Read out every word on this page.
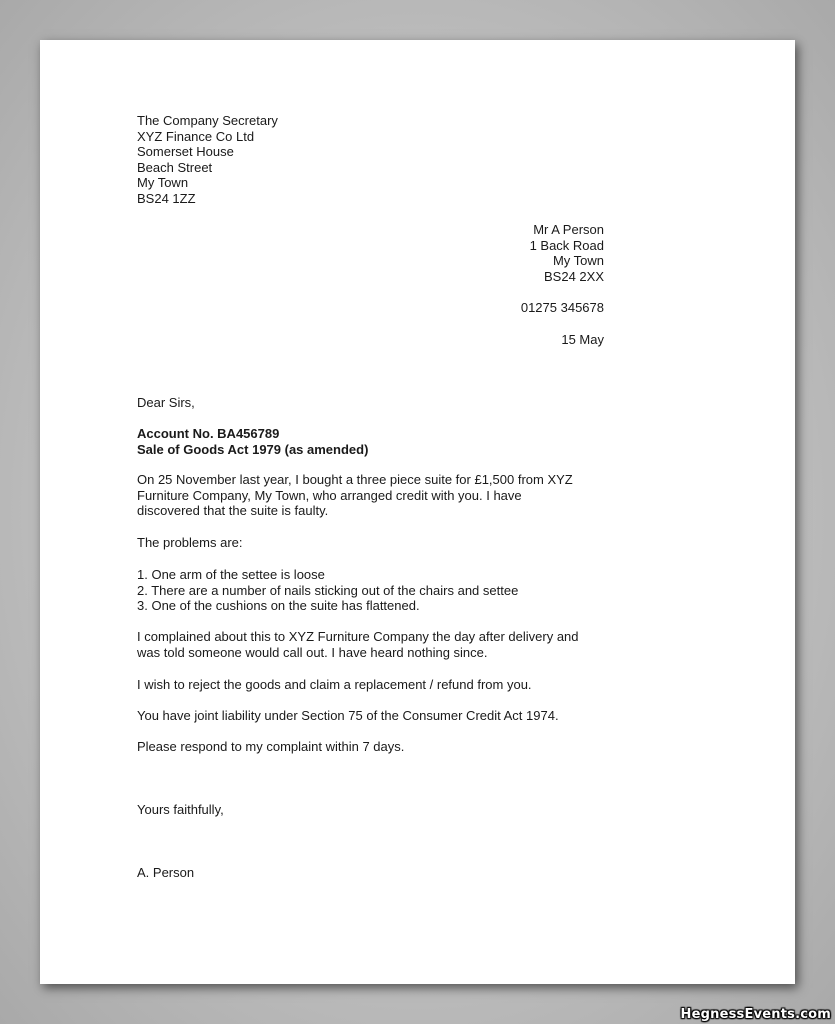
The Company Secretary
XYZ Finance Co Ltd
Somerset House
Beach Street
My Town
BS24 1ZZ
Mr A Person
1 Back Road
My Town
BS24 2XX
01275 345678
15 May
Dear Sirs,
Account No. BA456789
Sale of Goods Act 1979 (as amended)
On 25 November last year, I bought a three piece suite for £1,500 from XYZ
Furniture Company, My Town, who arranged credit with you. I have
discovered that the suite is faulty.
The problems are:
1. One arm of the settee is loose
2. There are a number of nails sticking out of the chairs and settee
3. One of the cushions on the suite has flattened.
I complained about this to XYZ Furniture Company the day after delivery and
was told someone would call out. I have heard nothing since.
I wish to reject the goods and claim a replacement / refund from you.
You have joint liability under Section 75 of the Consumer Credit Act 1974.
Please respond to my complaint within 7 days.
Yours faithfully,
A. Person
HegnessEvents.com
